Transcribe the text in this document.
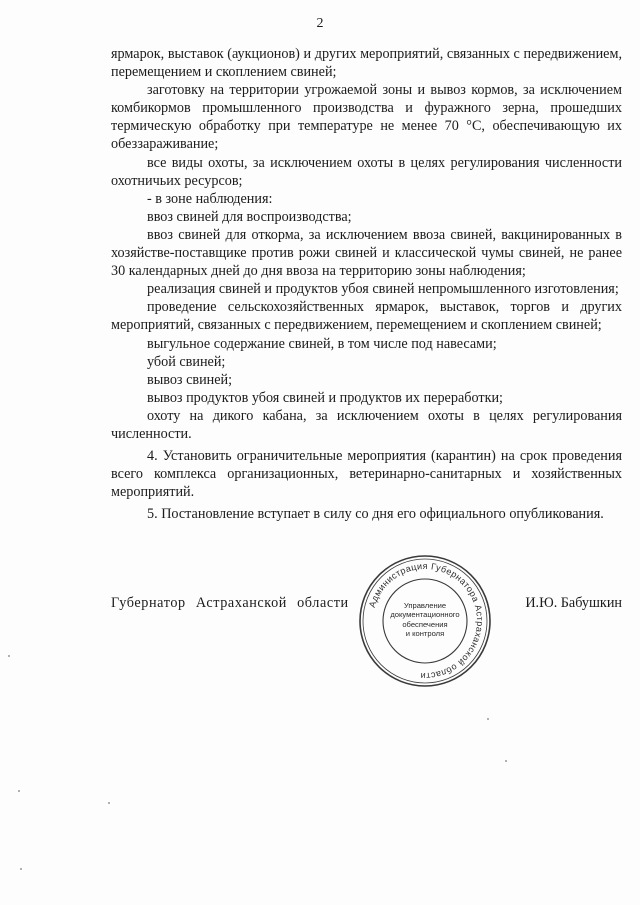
2

ярмарок, выставок (аукционов) и других мероприятий, связанных с передвижением, перемещением и скоплением свиней;

заготовку на территории угрожаемой зоны и вывоз кормов, за исключением комбикормов промышленного производства и фуражного зерна, прошедших термическую обработку при температуре не менее 70 °С, обеспечивающую их обеззараживание;

все виды охоты, за исключением охоты в целях регулирования численности охотничьих ресурсов;

- в зоне наблюдения:

ввоз свиней для воспроизводства;

ввоз свиней для откорма, за исключением ввоза свиней, вакцинированных в хозяйстве-поставщике против рожи свиней и классической чумы свиней, не ранее 30 календарных дней до дня ввоза на территорию зоны наблюдения;

реализация свиней и продуктов убоя свиней непромышленного изготовления;

проведение сельскохозяйственных ярмарок, выставок, торгов и других мероприятий, связанных с передвижением, перемещением и скоплением свиней;

выгульное содержание свиней, в том числе под навесами;

убой свиней;

вывоз свиней;

вывоз продуктов убоя свиней и продуктов их переработки;

охоту на дикого кабана, за исключением охоты в целях регулирования численности.

4. Установить ограничительные мероприятия (карантин) на срок проведения всего комплекса организационных, ветеринарно-санитарных и хозяйственных мероприятий.

5. Постановление вступает в силу со дня его официального опубликования.

Губернатор Астраханской области	И.Ю. Бабушкин
Администрация Губернатора Астраханской области
Управление
документационного
обеспечения
и контроля
